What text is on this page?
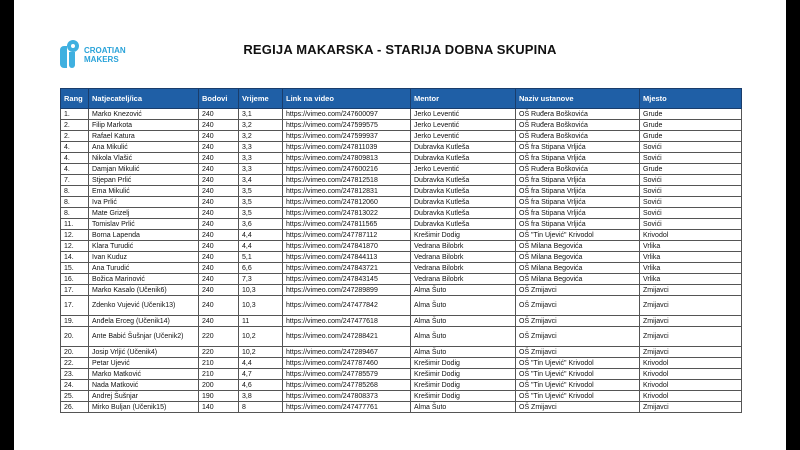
CROATIAN
MAKERS
REGIJA MAKARSKA - STARIJA DOBNA SKUPINA
Rang	Natjecatelj/ica	Bodovi	Vrijeme	Link na video	Mentor	Naziv ustanove	Mjesto
1.	Marko Knezović	240	3,1	https://vimeo.com/247600097	Jerko Leventić	OŠ Ruđera Boškovića	Grude
2.	Filip Markota	240	3,2	https://vimeo.com/247599575	Jerko Leventić	OŠ Ruđera Boškovića	Grude
2.	Rafael Katura	240	3,2	https://vimeo.com/247599937	Jerko Leventić	OŠ Ruđera Boškovića	Grude
4.	Ana Mikulić	240	3,3	https://vimeo.com/247811039	Dubravka Kutleša	OŠ fra Stipana Vrljića	Sovići
4.	Nikola Vlašić	240	3,3	https://vimeo.com/247809813	Dubravka Kutleša	OŠ fra Stipana Vrljića	Sovići
4.	Damjan Mikulić	240	3,3	https://vimeo.com/247600216	Jerko Leventić	OŠ Ruđera Boškovića	Grude
7.	Stjepan Prlić	240	3,4	https://vimeo.com/247812518	Dubravka Kutleša	OŠ fra Stipana Vrljića	Sovići
8.	Ema Mikulić	240	3,5	https://vimeo.com/247812831	Dubravka Kutleša	OŠ fra Stipana Vrljića	Sovići
8.	Iva Prlić	240	3,5	https://vimeo.com/247812060	Dubravka Kutleša	OŠ fra Stipana Vrljića	Sovići
8.	Mate Grizelj	240	3,5	https://vimeo.com/247813022	Dubravka Kutleša	OŠ fra Stipana Vrljića	Sovići
11.	Tomislav Prlić	240	3,6	https://vimeo.com/247811565	Dubravka Kutleša	OŠ fra Stipana Vrljića	Sovići
12.	Borna Lapenda	240	4,4	https://vimeo.com/247787112	Krešimir Dodig	OŠ "Tin Ujević" Krivodol	Krivodol
12.	Klara Turudić	240	4,4	https://vimeo.com/247841870	Vedrana Bilobrk	OŠ Milana Begovića	Vrlika
14.	Ivan Kuduz	240	5,1	https://vimeo.com/247844113	Vedrana Bilobrk	OŠ Milana Begovića	Vrlika
15.	Ana Turudić	240	6,6	https://vimeo.com/247843721	Vedrana Bilobrk	OŠ Milana Begovića	Vrlika
16.	Božica Marinović	240	7,3	https://vimeo.com/247843145	Vedrana Bilobrk	OŠ Milana Begovića	Vrlika
17.	Marko Kasalo (Učenik6)	240	10,3	https://vimeo.com/247289899	Alma Šuto	OŠ Zmijavci	Zmijavci
17.	Zdenko Vujević (Učenik13)	240	10,3	https://vimeo.com/247477842	Alma Šuto	OŠ Zmijavci	Zmijavci
19.	Anđela Erceg (Učenik14)	240	11	https://vimeo.com/247477618	Alma Šuto	OŠ Zmijavci	Zmijavci
20.	Ante Babić Šušnjar (Učenik2)	220	10,2	https://vimeo.com/247288421	Alma Šuto	OŠ Zmijavci	Zmijavci
20.	Josip Vrljić (Učenik4)	220	10,2	https://vimeo.com/247289467	Alma Šuto	OŠ Zmijavci	Zmijavci
22.	Petar Ujević	210	4,4	https://vimeo.com/247787460	Krešimir Dodig	OŠ "Tin Ujević" Krivodol	Krivodol
23.	Marko Matković	210	4,7	https://vimeo.com/247785579	Krešimir Dodig	OŠ "Tin Ujević" Krivodol	Krivodol
24.	Nada Matković	200	4,6	https://vimeo.com/247785268	Krešimir Dodig	OŠ "Tin Ujević" Krivodol	Krivodol
25.	Andrej Šušnjar	190	3,8	https://vimeo.com/247808373	Krešimir Dodig	OŠ "Tin Ujević" Krivodol	Krivodol
26.	Mirko Buljan (Učenik15)	140	8	https://vimeo.com/247477761	Alma Šuto	OŠ Zmijavci	Zmijavci
